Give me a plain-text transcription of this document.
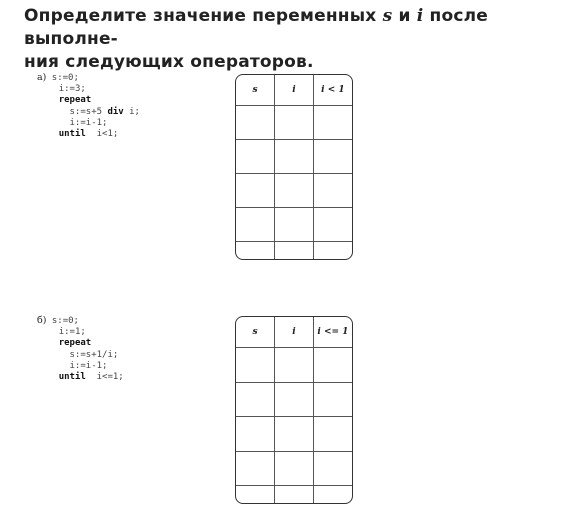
Определите значение переменных s и i после выполне-
ния следующих операторов.
а) s:=0;
i:=3;
repeat
s:=s+5 div i;
i:=i-1;
until  i<1;
s	i	i < 1

б) s:=0;
i:=1;
repeat
s:=s+1/i;
i:=i-1;
until  i<=1;
s	i	i <= 1
